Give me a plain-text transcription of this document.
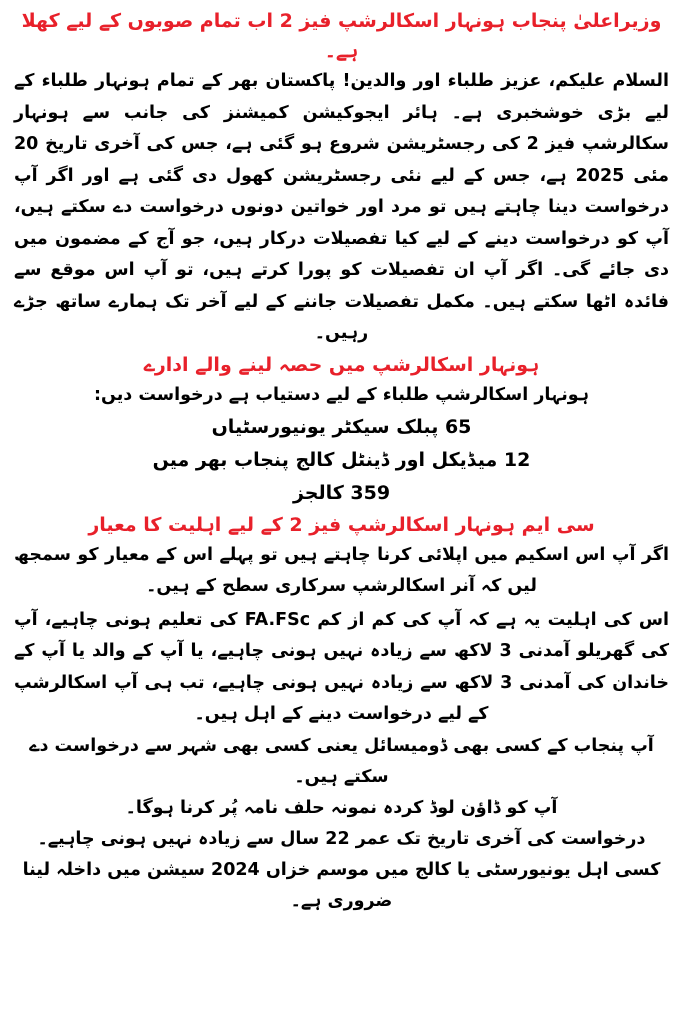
وزیراعلیٰ پنجاب ہونہار اسکالرشپ فیز 2 اب تمام صوبوں کے لیے کھلا ہے۔

السلام علیکم، عزیز طلباء اور والدین! پاکستان بھر کے تمام ہونہار طلباء کے لیے بڑی خوشخبری ہے۔ ہائر ایجوکیشن کمیشنز کی جانب سے ہونہار سکالرشپ فیز 2 کی رجسٹریشن شروع ہو گئی ہے، جس کی آخری تاریخ 20 مئی 2025 ہے، جس کے لیے نئی رجسٹریشن کھول دی گئی ہے اور اگر آپ درخواست دینا چاہتے ہیں تو مرد اور خواتین دونوں درخواست دے سکتے ہیں، آپ کو درخواست دینے کے لیے کیا تفصیلات درکار ہیں، جو آج کے مضمون میں دی جائے گی۔ اگر آپ ان تفصیلات کو پورا کرتے ہیں، تو آپ اس موقع سے فائدہ اٹھا سکتے ہیں۔ مکمل تفصیلات جاننے کے لیے آخر تک ہمارے ساتھ جڑے رہیں۔

ہونہار اسکالرشپ میں حصہ لینے والے ادارے

ہونہار اسکالرشپ طلباء کے لیے دستیاب ہے درخواست دیں:

65 پبلک سیکٹر یونیورسٹیاں

12 میڈیکل اور ڈینٹل کالج پنجاب بھر میں

359 کالجز

سی ایم ہونہار اسکالرشپ فیز 2 کے لیے اہلیت کا معیار

اگر آپ اس اسکیم میں اپلائی کرنا چاہتے ہیں تو پہلے اس کے معیار کو سمجھ لیں کہ آنر اسکالرشپ سرکاری سطح کے ہیں۔

اس کی اہلیت یہ ہے کہ آپ کی کم از کم FA.FSc کی تعلیم ہونی چاہیے، آپ کی گھریلو آمدنی 3 لاکھ سے زیادہ نہیں ہونی چاہیے، یا آپ کے والد یا آپ کے خاندان کی آمدنی 3 لاکھ سے زیادہ نہیں ہونی چاہیے، تب ہی آپ اسکالرشپ کے لیے درخواست دینے کے اہل ہیں۔

آپ پنجاب کے کسی بھی ڈومیسائل یعنی کسی بھی شہر سے درخواست دے سکتے ہیں۔

آپ کو ڈاؤن لوڈ کردہ نمونہ حلف نامہ پُر کرنا ہوگا۔

درخواست کی آخری تاریخ تک عمر 22 سال سے زیادہ نہیں ہونی چاہیے۔

کسی اہل یونیورسٹی یا کالج میں موسم خزاں 2024 سیشن میں داخلہ لینا ضروری ہے۔
